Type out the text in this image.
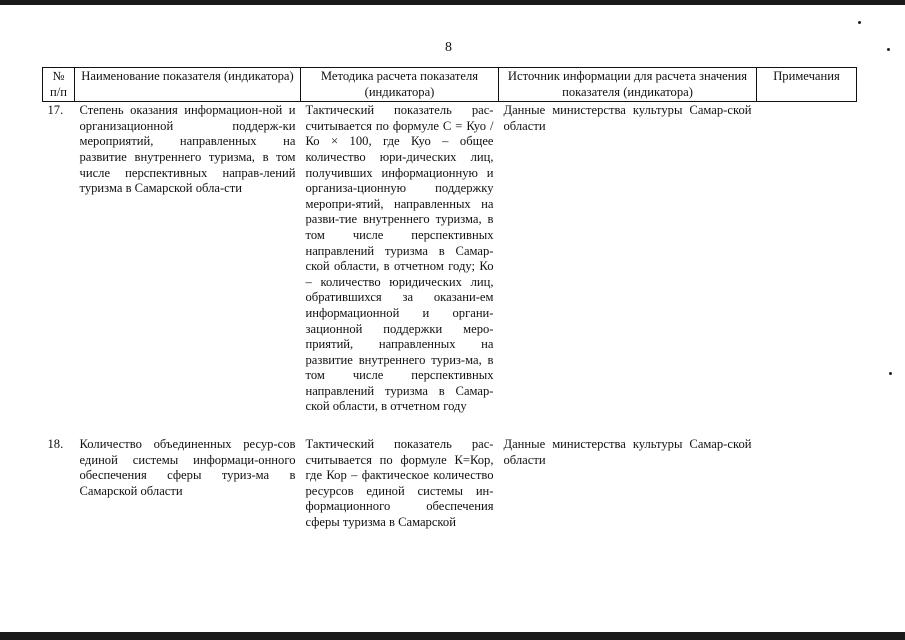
8
№ п/п	Наименование показателя (индикатора)	Методика расчета показателя (индикатора)	Источник информации для расчета значения показателя (индикатора)	Примечания
17.	Степень оказания информацион-ной и организационной поддерж-ки мероприятий, направленных на развитие внутреннего туризма, в том числе перспективных направ-лений туризма в Самарской обла-сти	Тактический показатель рас-считывается по формуле С = Куо / Ко × 100, где Куо – общее количество юри-дических лиц, получивших информационную и организа-ционную поддержку меропри-ятий, направленных на разви-тие внутреннего туризма, в том числе перспективных направлений туризма в Самар-ской области, в отчетном году; Ко – количество юридических лиц, обратившихся за оказани-ем информационной и органи-зационной поддержки меро-приятий, направленных на развитие внутреннего туриз-ма, в том числе перспективных направлений туризма в Самар-ской области, в отчетном году	Данные министерства культуры Самар-ской области	

18.	Количество объединенных ресур-сов единой системы информаци-онного обеспечения сферы туриз-ма в Самарской области	Тактический показатель рас-считывается по формуле К=Кор, где Кор – фактическое количество ресурсов единой системы ин-формационного обеспечения сферы туризма в Самарской	Данные министерства культуры Самар-ской области	
